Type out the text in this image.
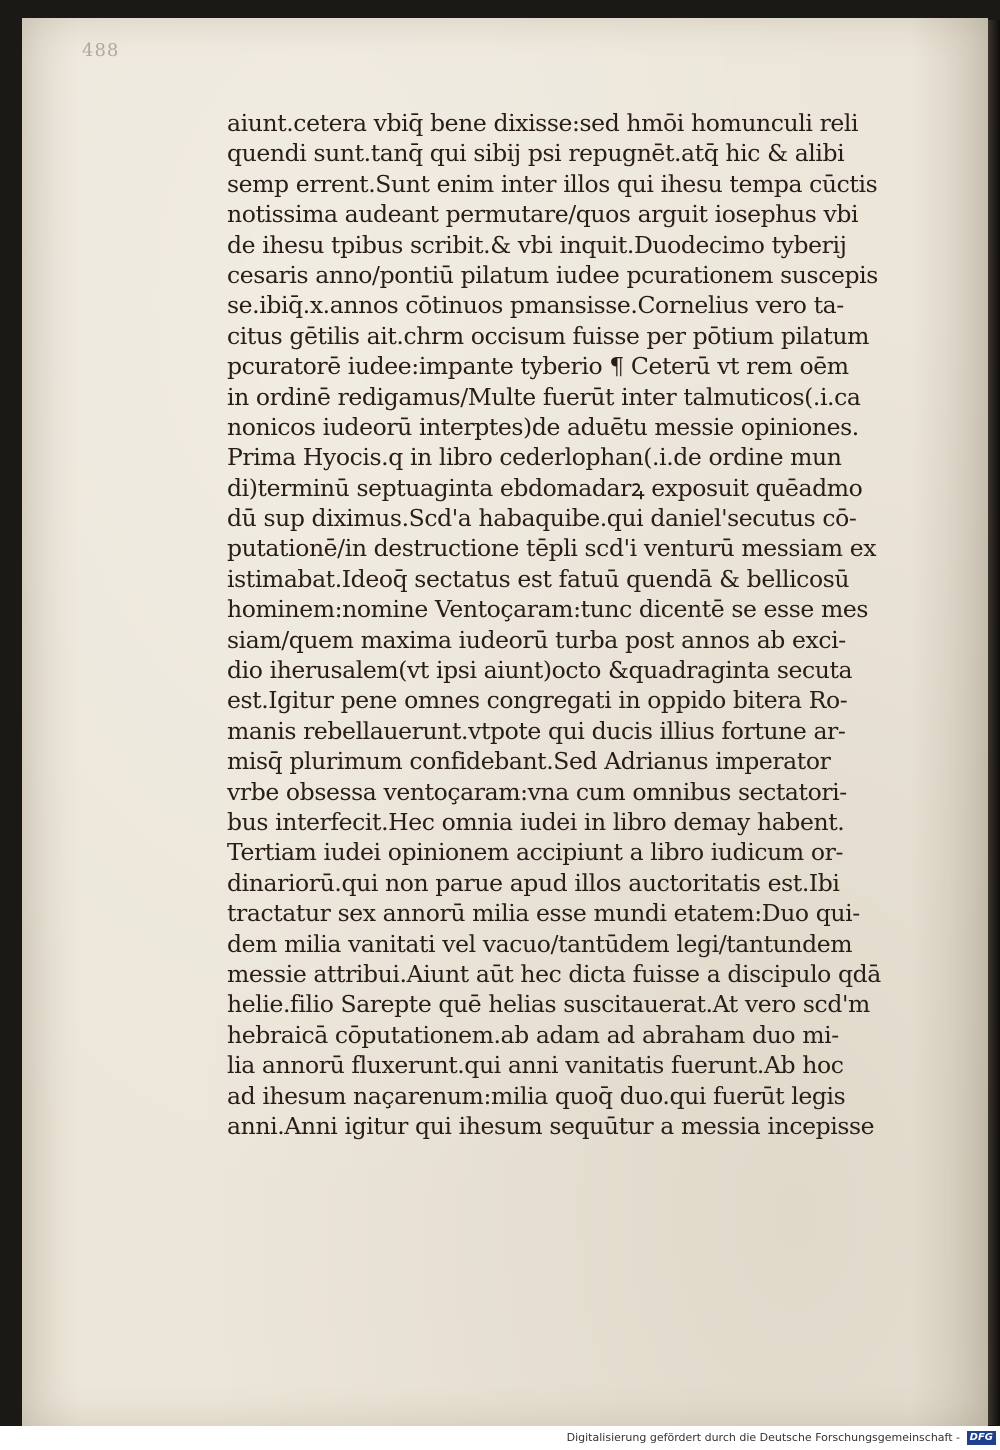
488
aiunt.cetera vbiq̄ bene dixisse:sed hmōi homunculi reli
quendi sunt.tanq̄ qui sibij psi repugnēt.atq̄ hic & alibi
semp errent.Sunt enim inter illos qui ihesu tempa cūctis
notissima audeant permutare/quos arguit iosephus vbi
de ihesu tpibus scribit.& vbi inquit.Duodecimo tyberij
cesaris anno/pontiū pilatum iudee pcurationem suscepis
se.ibiq̄.x.annos cōtinuos pmansisse.Cornelius vero ta-
citus gētilis ait.chrm occisum fuisse per pōtium pilatum
pcuratorē iudee:impante tyberio ¶ Ceterū vt rem oēm
in ordinē redigamus/Multe fuerūt inter talmuticos(.i.ca
nonicos iudeorū interptes)de aduētu messie opiniones.
Prima Hyocis.q in libro cederlophan(.i.de ordine mun
di)terminū septuaginta ebdomadarꝝ exposuit quēadmo
dū sup diximus.Scd'a habaquibe.qui daniel'secutus cō-
putationē/in destructione tēpli scd'i venturū messiam ex
istimabat.Ideoq̄ sectatus est fatuū quendā & bellicosū
hominem:nomine Ventoçaram:tunc dicentē se esse mes
siam/quem maxima iudeorū turba post annos ab exci-
dio iherusalem(vt ipsi aiunt)octo &quadraginta secuta
est.Igitur pene omnes congregati in oppido bitera Ro-
manis rebellauerunt.vtpote qui ducis illius fortune ar-
misq̄ plurimum confidebant.Sed Adrianus imperator
vrbe obsessa ventoçaram:vna cum omnibus sectatori-
bus interfecit.Hec omnia iudei in libro demay habent.
Tertiam iudei opinionem accipiunt a libro iudicum or-
dinariorū.qui non parue apud illos auctoritatis est.Ibi
tractatur sex annorū milia esse mundi etatem:Duo qui-
dem milia vanitati vel vacuo/tantūdem legi/tantundem
messie attribui.Aiunt aūt hec dicta fuisse a discipulo qdā
helie.filio Sarepte quē helias suscitauerat.At vero scd'm
hebraicā cōputationem.ab adam ad abraham duo mi-
lia annorū fluxerunt.qui anni vanitatis fuerunt.Ab hoc
ad ihesum naçarenum:milia quoq̄ duo.qui fuerūt legis
anni.Anni igitur qui ihesum sequūtur a messia incepisse
Digitalisierung gefördert durch die Deutsche Forschungsgemeinschaft - DFG
